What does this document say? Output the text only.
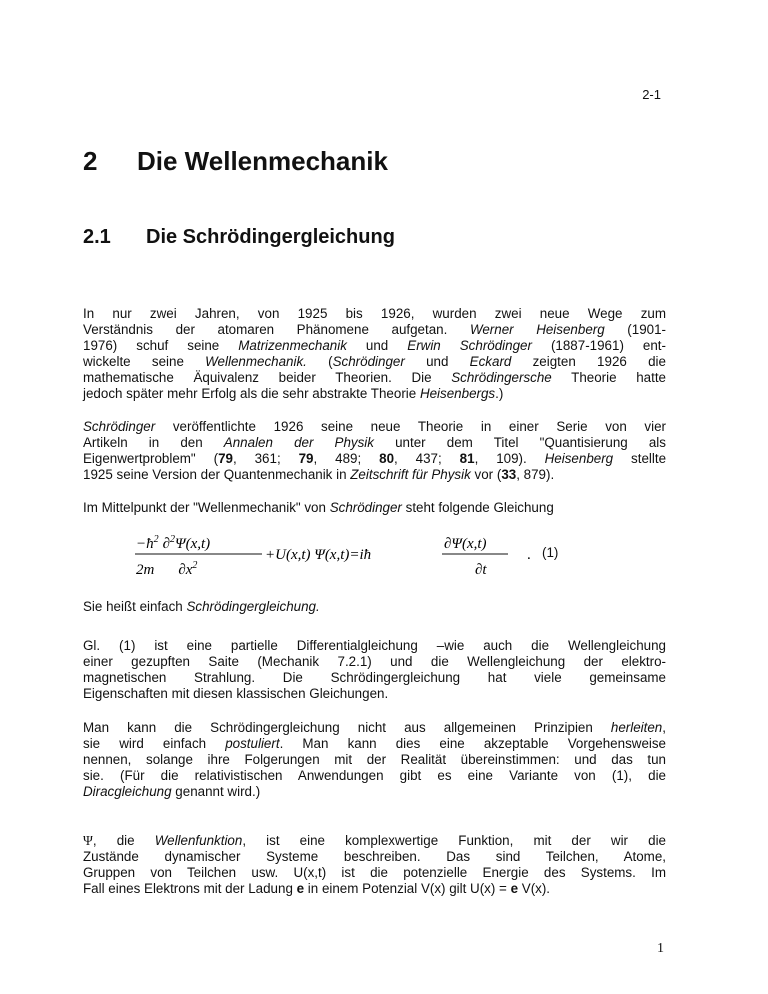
2-1
2 Die Wellenmechanik
2.1 Die Schrödingergleichung

In nur zwei Jahren, von 1925 bis 1926, wurden zwei neue Wege zum
Verständnis der atomaren Phänomene aufgetan. Werner Heisenberg (1901-
1976) schuf seine Matrizenmechanik und Erwin Schrödinger (1887-1961) ent-
wickelte seine Wellenmechanik. (Schrödinger und Eckard zeigten 1926 die
mathematische Äquivalenz beider Theorien. Die Schrödingersche Theorie hatte
jedoch später mehr Erfolg als die sehr abstrakte Theorie Heisenbergs.)

Schrödinger veröffentlichte 1926 seine neue Theorie in einer Serie von vier
Artikeln in den Annalen der Physik unter dem Titel "Quantisierung als
Eigenwertproblem" (79, 361; 79, 489; 80, 437; 81, 109). Heisenberg stellte
1925 seine Version der Quantenmechanik in Zeitschrift für Physik vor (33, 879).

Im Mittelpunkt der "Wellenmechanik" von Schrödinger steht folgende Gleichung

$-ħ^2$ ∂$^2$Ψ(x,t)
2m $\partial x^2$
+U(x,t) Ψ(x,t)=iħ
∂Ψ(x,t)
∂t
. (1)

Sie heißt einfach Schrödingergleichung.

Gl. (1) ist eine partielle Differentialgleichung –wie auch die Wellengleichung
einer gezupften Saite (Mechanik 7.2.1) und die Wellengleichung der elektro-
magnetischen Strahlung. Die Schrödingergleichung hat viele gemeinsame
Eigenschaften mit diesen klassischen Gleichungen.

Man kann die Schrödingergleichung nicht aus allgemeinen Prinzipien herleiten,
sie wird einfach postuliert. Man kann dies eine akzeptable Vorgehensweise
nennen, solange ihre Folgerungen mit der Realität übereinstimmen: und das tun
sie. (Für die relativistischen Anwendungen gibt es eine Variante von (1), die
Diracgleichung genannt wird.)

Ψ, die Wellenfunktion, ist eine komplexwertige Funktion, mit der wir die
Zustände dynamischer Systeme beschreiben. Das sind Teilchen, Atome,
Gruppen von Teilchen usw. U(x,t) ist die potenzielle Energie des Systems. Im
Fall eines Elektrons mit der Ladung e in einem Potenzial V(x) gilt U(x) = e V(x).

1
